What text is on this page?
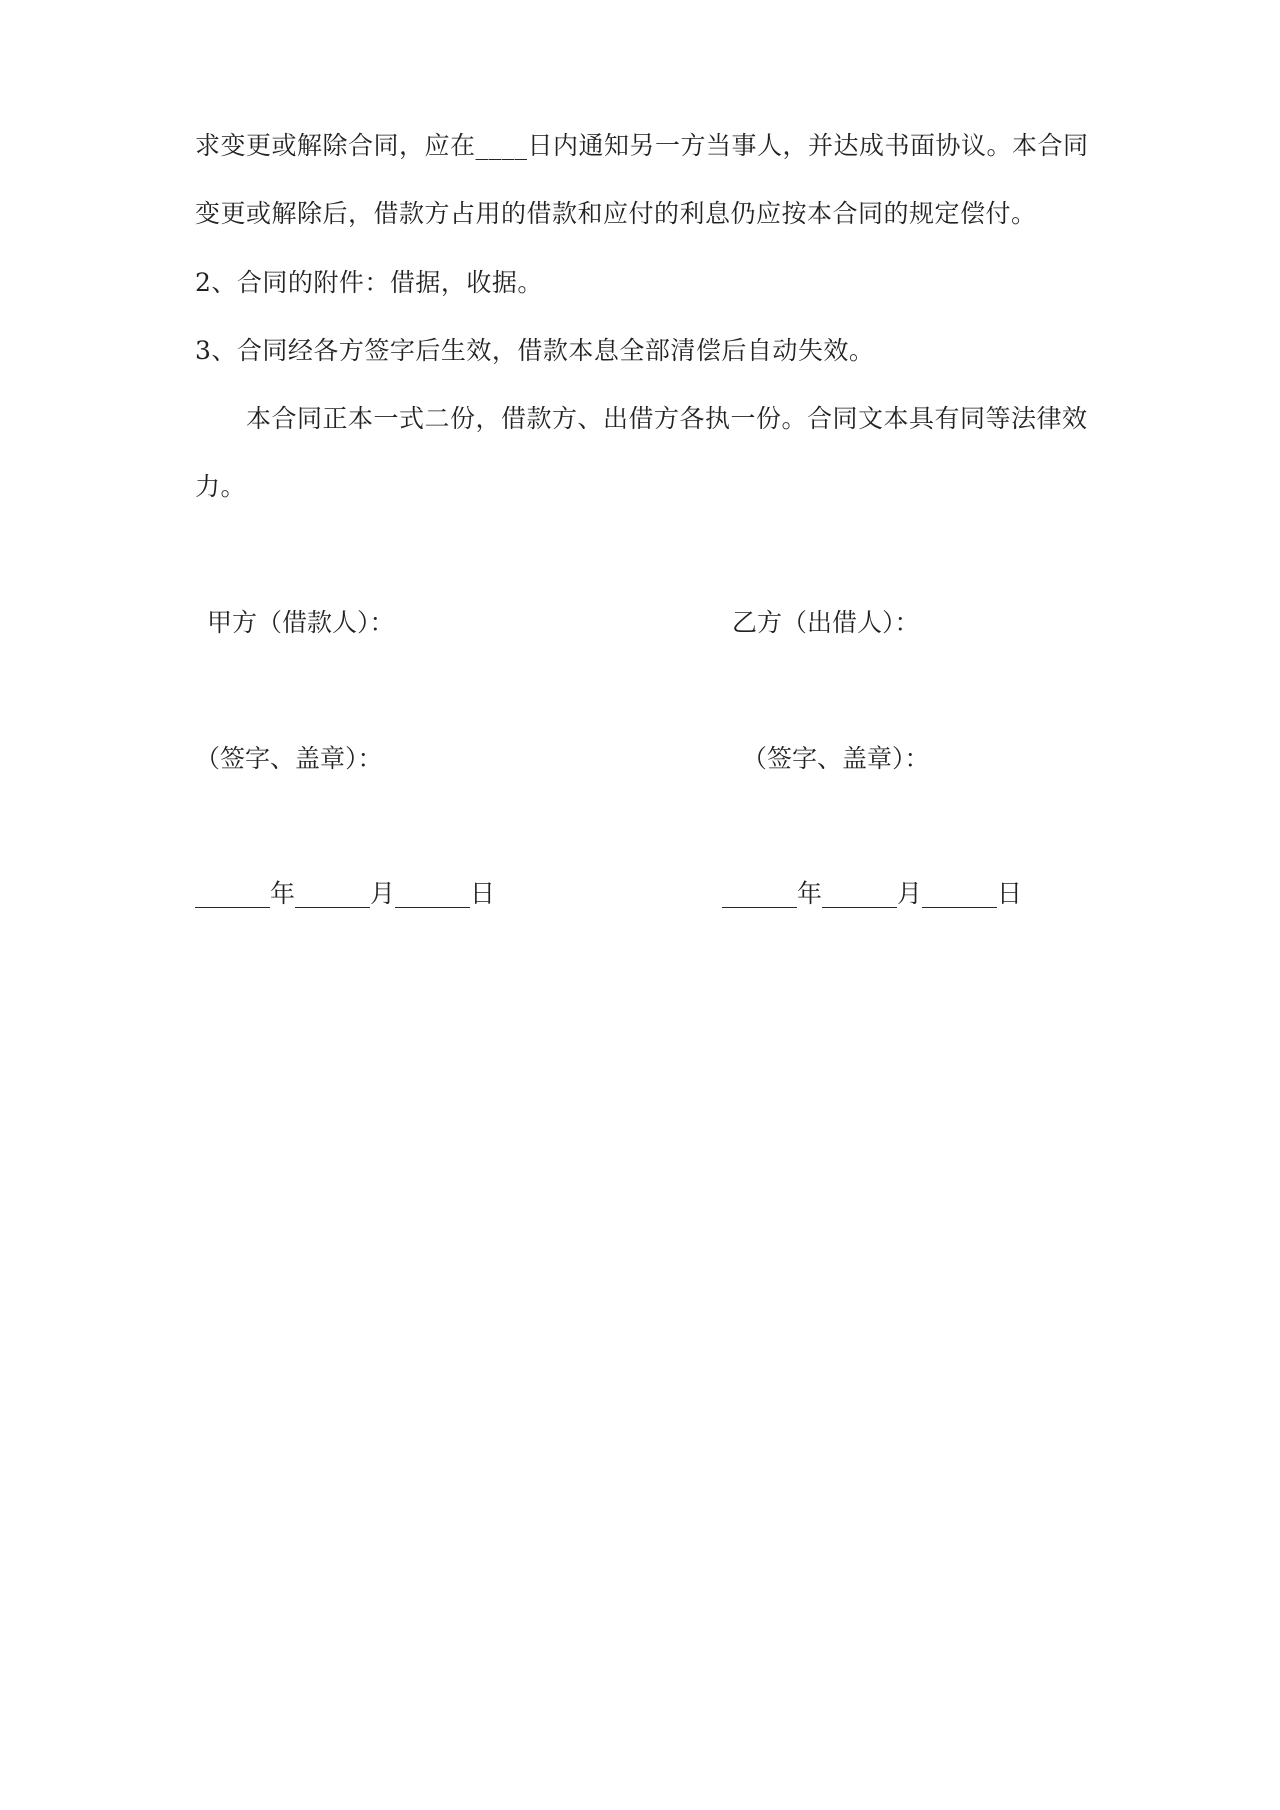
求变更或解除合同，应在____日内通知另一方当事人，并达成书面协议。本合同
变更或解除后，借款方占用的借款和应付的利息仍应按本合同的规定偿付。
2、合同的附件：借据，收据。
3、合同经各方签字后生效，借款本息全部清偿后自动失效。
　　本合同正本一式二份，借款方、出借方各执一份。合同文本具有同等法律效
力。
甲方（借款人）：	乙方（出借人）：
（签字、盖章）：	（签字、盖章）：
______年______月______日	______年______月______日
